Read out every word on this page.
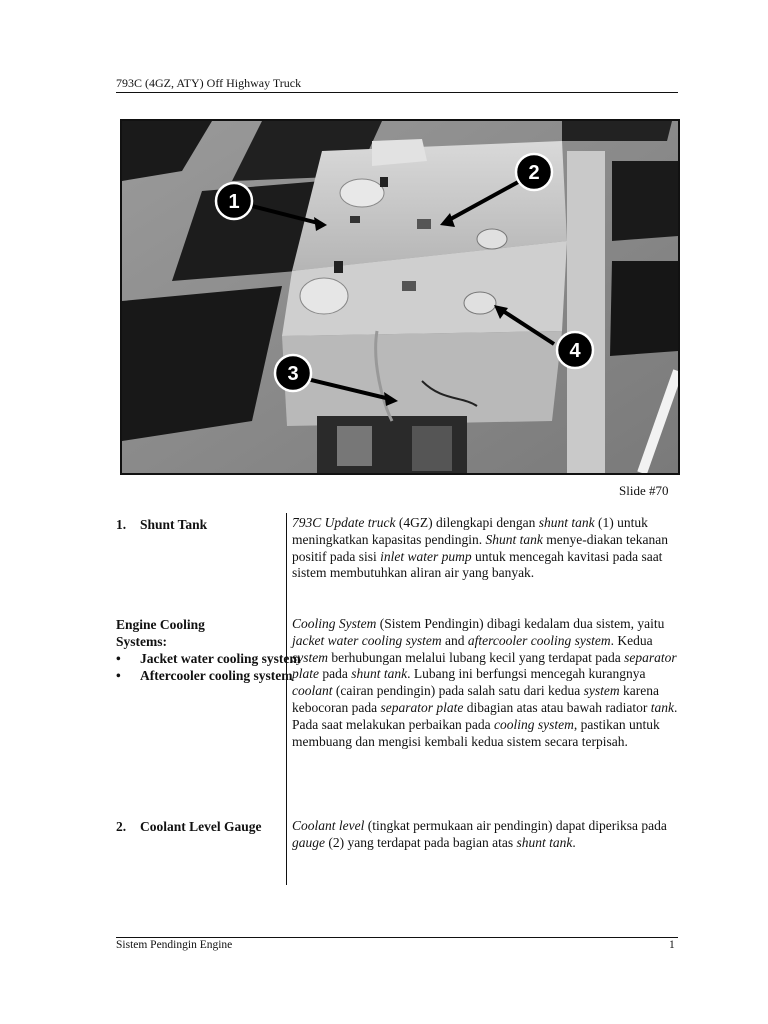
793C (4GZ, ATY) Off Highway Truck
1
2
3
4
Slide #70
1. Shunt Tank	793C Update truck (4GZ) dilengkapi dengan shunt tank (1) untuk meningkatkan kapasitas pendingin. Shunt tank menye-diakan tekanan positif pada sisi inlet water pump untuk mencegah kavitasi pada saat sistem membutuhkan aliran air yang banyak.
Engine Cooling
Systems:
• Jacket water cooling system
• Aftercooler cooling system
Cooling System (Sistem Pendingin) dibagi kedalam dua sistem, yaitu jacket water cooling system and aftercooler cooling system. Kedua system berhubungan melalui lubang kecil yang terdapat pada separator plate pada shunt tank. Lubang ini berfungsi mencegah kurangnya coolant (cairan pendingin) pada salah satu dari kedua system karena kebocoran pada separator plate dibagian atas atau bawah radiator tank.
Pada saat melakukan perbaikan pada cooling system, pastikan untuk membuang dan mengisi kembali kedua sistem secara terpisah.
2. Coolant Level Gauge Coolant level (tingkat permukaan air pendingin) dapat diperiksa pada gauge (2) yang terdapat pada bagian atas shunt tank.
Sistem Pendingin Engine	1
